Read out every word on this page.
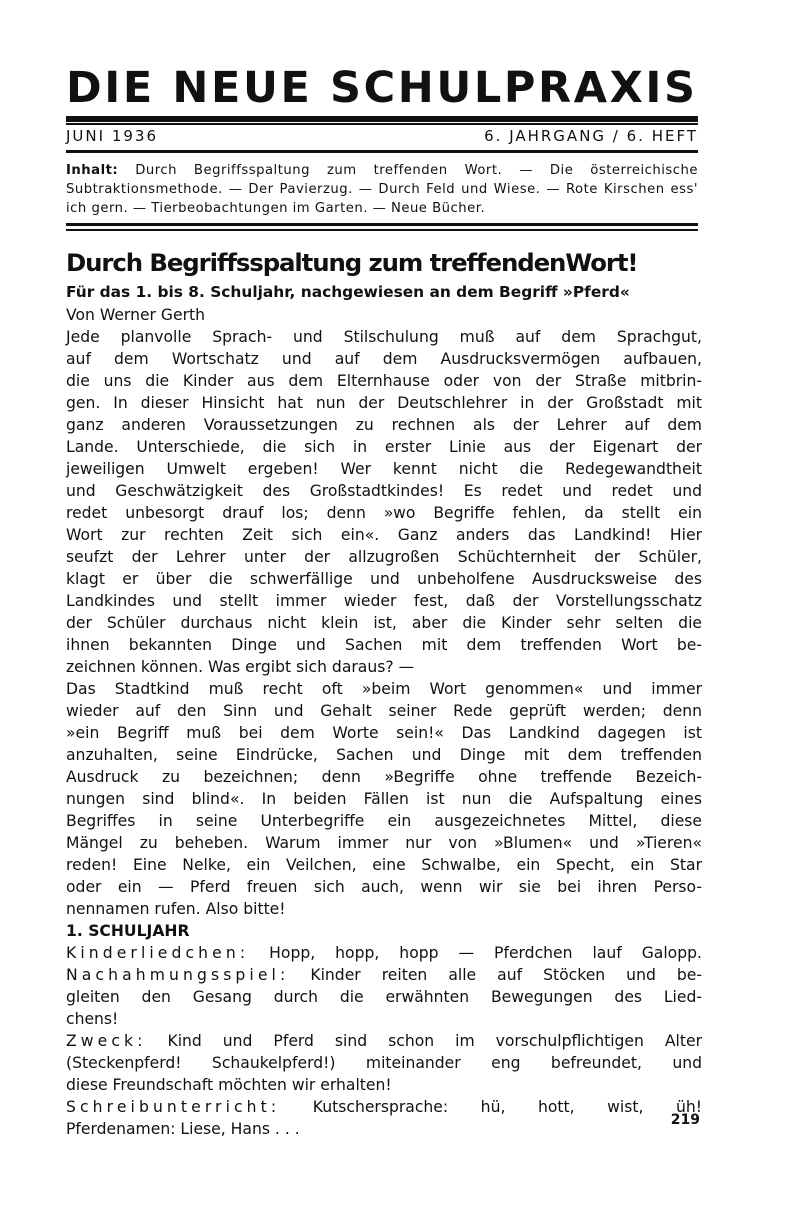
DIE NEUE SCHULPRAXIS
JUNI 1936	6. JAHRGANG / 6. HEFT
Inhalt: Durch Begriffsspaltung zum treffenden Wort. — Die österreichische Subtraktionsmethode. — Der Pavierzug. — Durch Feld und Wiese. — Rote Kirschen ess' ich gern. — Tierbeobachtungen im Garten. — Neue Bücher.
Durch Begriffsspaltung zum treffendenWort!
Für das 1. bis 8. Schuljahr, nachgewiesen an dem Begriff »Pferd«
Von Werner Gerth
Jede planvolle Sprach- und Stilschulung muß auf dem Sprachgut,
auf dem Wortschatz und auf dem Ausdrucksvermögen aufbauen,
die uns die Kinder aus dem Elternhause oder von der Straße mitbrin-
gen. In dieser Hinsicht hat nun der Deutschlehrer in der Großstadt mit
ganz anderen Voraussetzungen zu rechnen als der Lehrer auf dem
Lande. Unterschiede, die sich in erster Linie aus der Eigenart der
jeweiligen Umwelt ergeben! Wer kennt nicht die Redegewandtheit
und Geschwätzigkeit des Großstadtkindes! Es redet und redet und
redet unbesorgt drauf los; denn »wo Begriffe fehlen, da stellt ein
Wort zur rechten Zeit sich ein«. Ganz anders das Landkind! Hier
seufzt der Lehrer unter der allzugroßen Schüchternheit der Schüler,
klagt er über die schwerfällige und unbeholfene Ausdrucksweise des
Landkindes und stellt immer wieder fest, daß der Vorstellungsschatz
der Schüler durchaus nicht klein ist, aber die Kinder sehr selten die
ihnen bekannten Dinge und Sachen mit dem treffenden Wort be-
zeichnen können. Was ergibt sich daraus? —
Das Stadtkind muß recht oft »beim Wort genommen« und immer
wieder auf den Sinn und Gehalt seiner Rede geprüft werden; denn
»ein Begriff muß bei dem Worte sein!« Das Landkind dagegen ist
anzuhalten, seine Eindrücke, Sachen und Dinge mit dem treffenden
Ausdruck zu bezeichnen; denn »Begriffe ohne treffende Bezeich-
nungen sind blind«. In beiden Fällen ist nun die Aufspaltung eines
Begriffes in seine Unterbegriffe ein ausgezeichnetes Mittel, diese
Mängel zu beheben. Warum immer nur von »Blumen« und »Tieren«
reden! Eine Nelke, ein Veilchen, eine Schwalbe, ein Specht, ein Star
oder ein — Pferd freuen sich auch, wenn wir sie bei ihren Perso-
nennamen rufen. Also bitte!
1. SCHULJAHR
Kinderliedchen: Hopp, hopp, hopp — Pferdchen lauf Galopp.
Nachahmungsspiel: Kinder reiten alle auf Stöcken und be-
gleiten den Gesang durch die erwähnten Bewegungen des Lied-
chens!
Zweck: Kind und Pferd sind schon im vorschulpflichtigen Alter
(Steckenpferd! Schaukelpferd!) miteinander eng befreundet, und
diese Freundschaft möchten wir erhalten!
Schreibunterricht: Kutschersprache: hü, hott, wist, üh!
Pferdenamen: Liese, Hans . . .	219
